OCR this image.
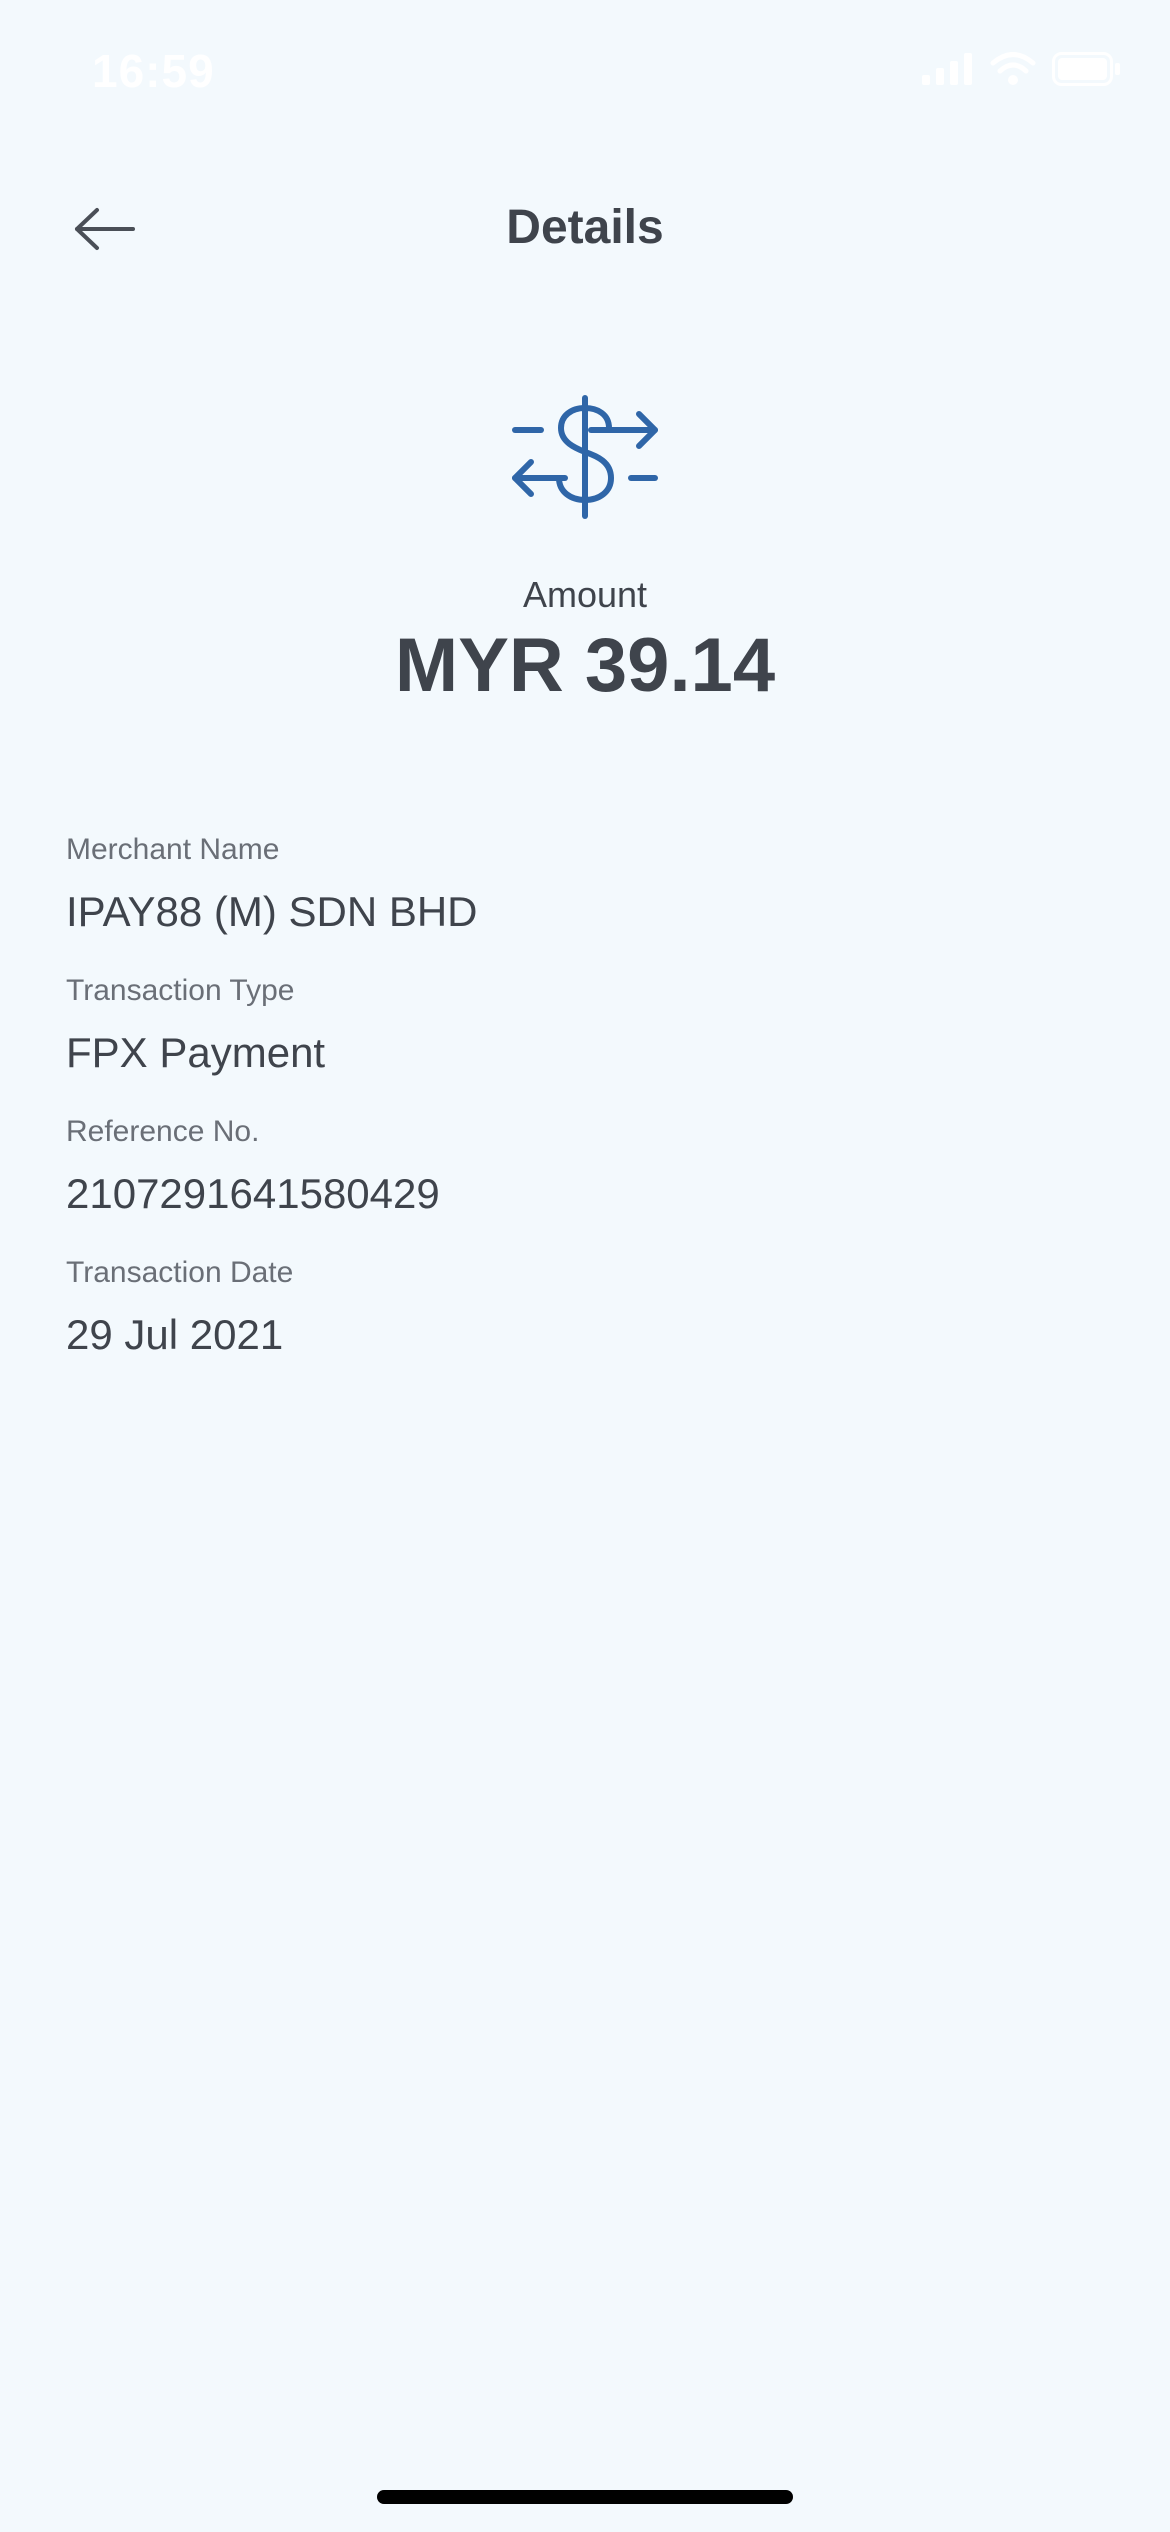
16:59
Details
Amount
MYR 39.14
Merchant Name
IPAY88 (M) SDN BHD
Transaction Type
FPX Payment
Reference No.
2107291641580429
Transaction Date
29 Jul 2021
